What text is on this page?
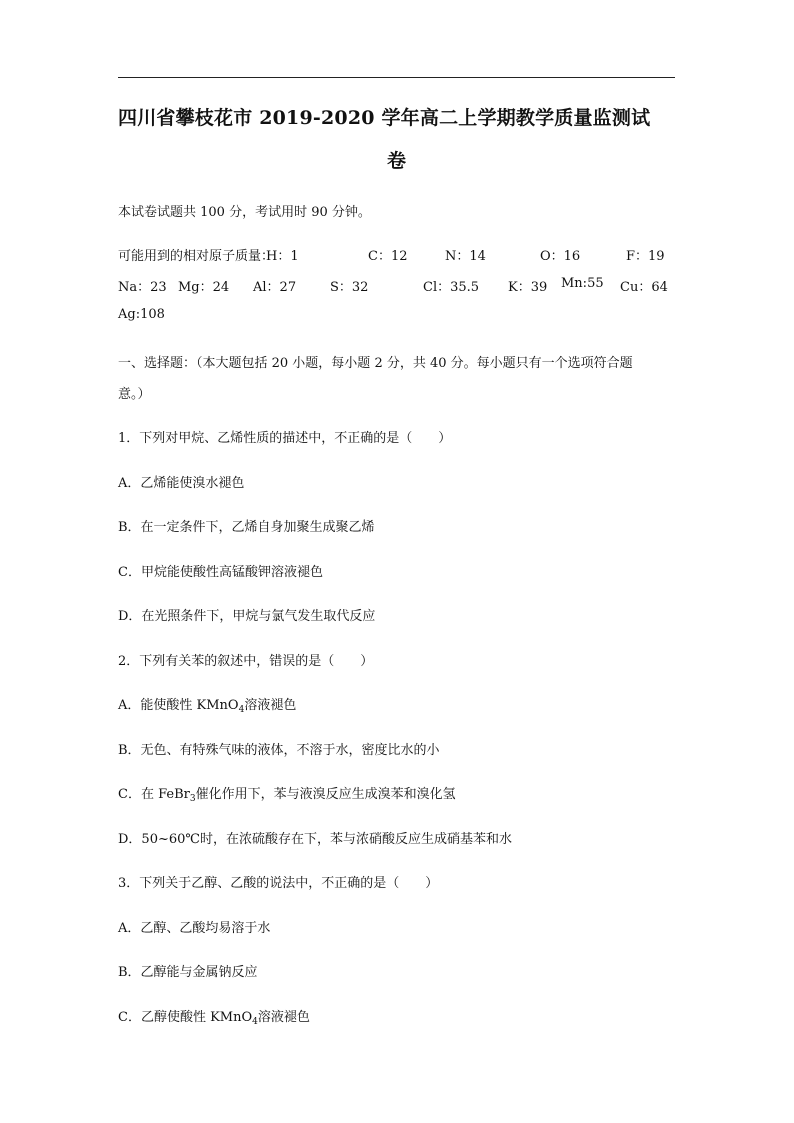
四川省攀枝花市 2019-2020 学年高二上学期教学质量监测试
卷
本试卷试题共 100 分，考试用时 90 分钟。
可能用到的相对原子质量：
H：1	C：12	N：14	O：16	F：19
Na：23 Mg：24 Al：27	S：32	Cl：35.5 K：39 Mn:55 Cu：64
Ag:108
一、选择题：（本大题包括 20 小题，每小题 2 分，共 40 分。每小题只有一个选项符合题
意。）
1．下列对甲烷、乙烯性质的描述中，不正确的是（　　）
A．乙烯能使溴水褪色
B．在一定条件下，乙烯自身加聚生成聚乙烯
C．甲烷能使酸性高锰酸钾溶液褪色
D．在光照条件下，甲烷与氯气发生取代反应
2．下列有关苯的叙述中，错误的是（　　）
A．能使酸性 KMnO$_4$溶液褪色
B．无色、有特殊气味的液体，不溶于水，密度比水的小
C．在 FeBr$_3$催化作用下，苯与液溴反应生成溴苯和溴化氢
D．50~60℃时，在浓硫酸存在下，苯与浓硝酸反应生成硝基苯和水
3．下列关于乙醇、乙酸的说法中，不正确的是（　　）
A．乙醇、乙酸均易溶于水
B．乙醇能与金属钠反应
C．乙醇使酸性 KMnO$_4$溶液褪色
